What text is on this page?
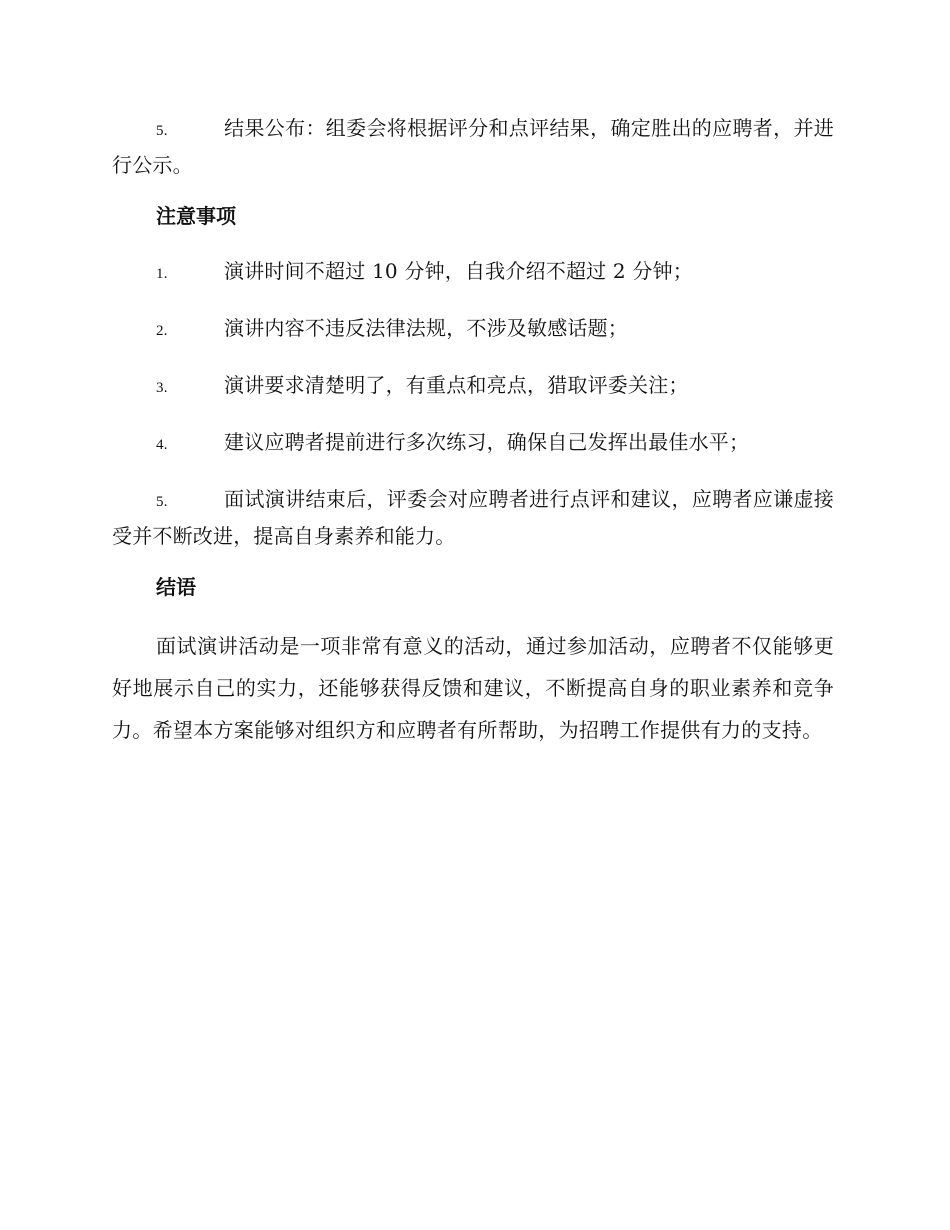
5.	结果公布：组委会将根据评分和点评结果，确定胜出的应聘者，并进行公示。

注意事项

1.	演讲时间不超过 10 分钟，自我介绍不超过 2 分钟；

2.	演讲内容不违反法律法规，不涉及敏感话题；

3.	演讲要求清楚明了，有重点和亮点，猎取评委关注；

4.	建议应聘者提前进行多次练习，确保自己发挥出最佳水平；

5.	面试演讲结束后，评委会对应聘者进行点评和建议，应聘者应谦虚接受并不断改进，提高自身素养和能力。

结语

面试演讲活动是一项非常有意义的活动，通过参加活动，应聘者不仅能够更好地展示自己的实力，还能够获得反馈和建议，不断提高自身的职业素养和竞争力。希望本方案能够对组织方和应聘者有所帮助，为招聘工作提供有力的支持。
